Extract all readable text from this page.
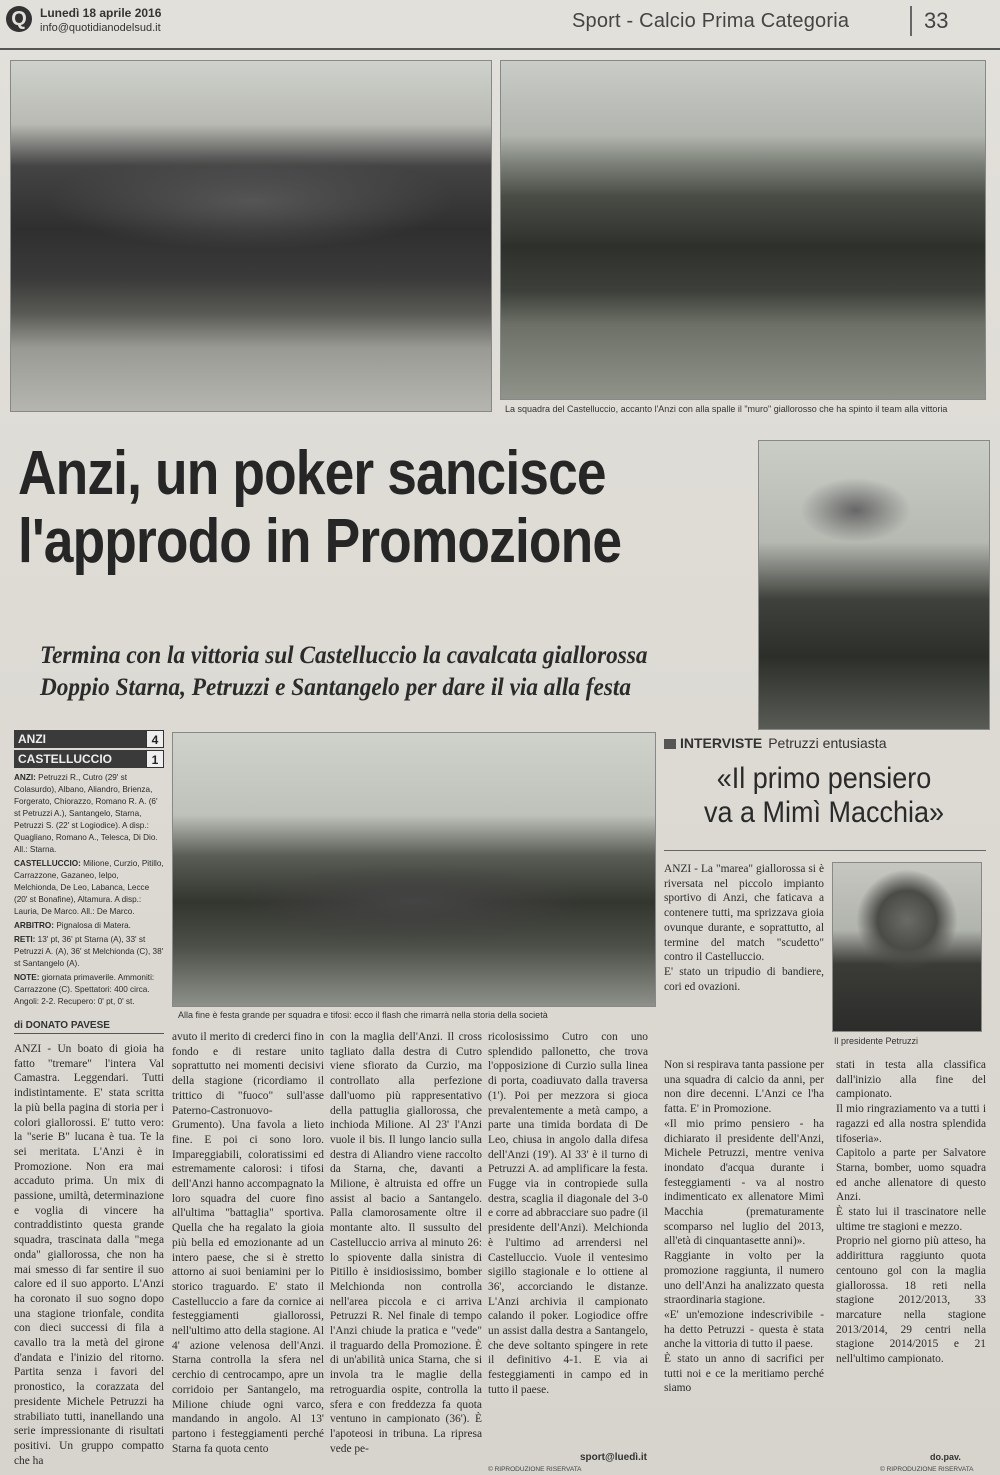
Q	Lunedì 18 aprile 2016
info@quotidianodelsud.it	Sport - Calcio Prima Categoria	33
La squadra del Castelluccio, accanto l'Anzi con alla spalle il "muro" giallorosso che ha spinto il team alla vittoria
Anzi, un poker sancisce
l'approdo in Promozione
Termina con la vittoria sul Castelluccio la cavalcata giallorossa
Doppio Starna, Petruzzi e Santangelo per dare il via alla festa
ANZI	4
CASTELLUCCIO	1

ANZI: Petruzzi R., Cutro (29' st Colasurdo), Albano, Aliandro, Brienza, Forgerato, Chiorazzo, Romano R. A. (6' st Petruzzi A.), Santangelo, Starna, Petruzzi S. (22' st Logiodice). A disp.: Quagliano, Romano A., Telesca, Di Dio. All.: Starna.

CASTELLUCCIO: Milione, Curzio, Pitillo, Carrazzone, Gazaneo, Ielpo, Melchionda, De Leo, Labanca, Lecce (20' st Bonafine), Altamura. A disp.: Lauria, De Marco. All.: De Marco.

ARBITRO: Pignalosa di Matera.

RETI: 13' pt, 36' pt Starna (A), 33' st Petruzzi A. (A), 36' st Melchionda (C), 38' st Santangelo (A).

NOTE: giornata primaverile. Ammoniti: Carrazzone (C). Spettatori: 400 circa. Angoli: 2-2. Recupero: 0' pt, 0' st.

Alla fine è festa grande per squadra e tifosi: ecco il flash che rimarrà nella storia della società
di DONATO PAVESE
ANZI - Un boato di gioia ha fatto "tremare" l'intera Val Camastra. Leggendari. Tutti indistintamente. E' stata scritta la più bella pagina di storia per i colori giallorossi. E' tutto vero: la "serie B" lucana è tua. Te la sei meritata. L'Anzi è in Promozione. Non era mai accaduto prima. Un mix di passione, umiltà, determinazione e voglia di vincere ha contraddistinto questa grande squadra, trascinata dalla "mega onda" giallorossa, che non ha mai smesso di far sentire il suo calore ed il suo apporto. L'Anzi ha coronato il suo sogno dopo una stagione trionfale, condita con dieci successi di fila a cavallo tra la metà del girone d'andata e l'inizio del ritorno. Partita senza i favori del pronostico, la corazzata del presidente Michele Petruzzi ha strabiliato tutti, inanellando una serie impressionante di risultati positivi. Un gruppo compatto che ha
avuto il merito di crederci fino in fondo e di restare unito soprattutto nei momenti decisivi della stagione (ricordiamo il trittico di "fuoco" sull'asse Paterno-Castronuovo-Grumento). Una favola a lieto fine. E poi ci sono loro. Impareggiabili, coloratissimi ed estremamente calorosi: i tifosi dell'Anzi hanno accompagnato la loro squadra del cuore fino all'ultima "battaglia" sportiva. Quella che ha regalato la gioia più bella ed emozionante ad un intero paese, che si è stretto attorno ai suoi beniamini per lo storico traguardo. E' stato il Castelluccio a fare da cornice ai festeggiamenti giallorossi, nell'ultimo atto della stagione. Al 4' azione velenosa dell'Anzi. Starna controlla la sfera nel cerchio di centrocampo, apre un corridoio per Santangelo, ma Milione chiude ogni varco, mandando in angolo. Al 13' partono i festeggiamenti perché Starna fa quota cento
con la maglia dell'Anzi. Il cross tagliato dalla destra di Cutro viene sfiorato da Curzio, ma controllato alla perfezione dall'uomo più rappresentativo della pattuglia giallorossa, che inchioda Milione. Al 23' l'Anzi vuole il bis. Il lungo lancio sulla destra di Aliandro viene raccolto da Starna, che, davanti a Milione, è altruista ed offre un assist al bacio a Santangelo. Palla clamorosamente oltre il montante alto. Il sussulto del Castelluccio arriva al minuto 26: lo spiovente dalla sinistra di Pitillo è insidiosissimo, bomber Melchionda non controlla nell'area piccola e ci arriva Petruzzi R. Nel finale di tempo l'Anzi chiude la pratica e "vede" il traguardo della Promozione. È di un'abilità unica Starna, che si invola tra le maglie della retroguardia ospite, controlla la sfera e con freddezza fa quota ventuno in campionato (36'). È l'apoteosi in tribuna. La ripresa vede pe-
ricolosissimo Cutro con uno splendido pallonetto, che trova l'opposizione di Curzio sulla linea di porta, coadiuvato dalla traversa (1'). Poi per mezzora si gioca prevalentemente a metà campo, a parte una timida bordata di De Leo, chiusa in angolo dalla difesa dell'Anzi (19'). Al 33' è il turno di Petruzzi A. ad amplificare la festa. Fugge via in contropiede sulla destra, scaglia il diagonale del 3-0 e corre ad abbracciare suo padre (il presidente dell'Anzi). Melchionda è l'ultimo ad arrendersi nel Castelluccio. Vuole il ventesimo sigillo stagionale e lo ottiene al 36', accorciando le distanze. L'Anzi archivia il campionato calando il poker. Logiodice offre un assist dalla destra a Santangelo, che deve soltanto spingere in rete il definitivo 4-1. E via ai festeggiamenti in campo ed in tutto il paese.
INTERVISTE Petruzzi entusiasta
«Il primo pensiero
va a Mimì Macchia»
ANZI - La "marea" giallorossa si è riversata nel piccolo impianto sportivo di Anzi, che faticava a contenere tutti, ma sprizzava gioia ovunque durante, e soprattutto, al termine del match "scudetto" contro il Castelluccio.
E' stato un tripudio di bandiere, cori ed ovazioni.
Il presidente Petruzzi
Non si respirava tanta passione per una squadra di calcio da anni, per non dire decenni. L'Anzi ce l'ha fatta. E' in Promozione.
«Il mio primo pensiero - ha dichiarato il presidente dell'Anzi, Michele Petruzzi, mentre veniva inondato d'acqua durante i festeggiamenti - va al nostro indimenticato ex allenatore Mimì Macchia (prematuramente scomparso nel luglio del 2013, all'età di cinquantasette anni)».
Raggiante in volto per la promozione raggiunta, il numero uno dell'Anzi ha analizzato questa straordinaria stagione.
«E' un'emozione indescrivibile - ha detto Petruzzi - questa è stata anche la vittoria di tutto il paese.
È stato un anno di sacrifici per tutti noi e ce la meritiamo perché siamo
stati in testa alla classifica dall'inizio alla fine del campionato.
Il mio ringraziamento va a tutti i ragazzi ed alla nostra splendida tifoseria».
Capitolo a parte per Salvatore Starna, bomber, uomo squadra ed anche allenatore di questo Anzi.
È stato lui il trascinatore nelle ultime tre stagioni e mezzo.
Proprio nel giorno più atteso, ha addirittura raggiunto quota centouno gol con la maglia giallorossa. 18 reti nella stagione 2012/2013, 33 marcature nella stagione 2013/2014, 29 centri nella stagione 2014/2015 e 21 nell'ultimo campionato.
sport@luedì.it
© RIPRODUZIONE RISERVATA
do.pav.
© RIPRODUZIONE RISERVATA
